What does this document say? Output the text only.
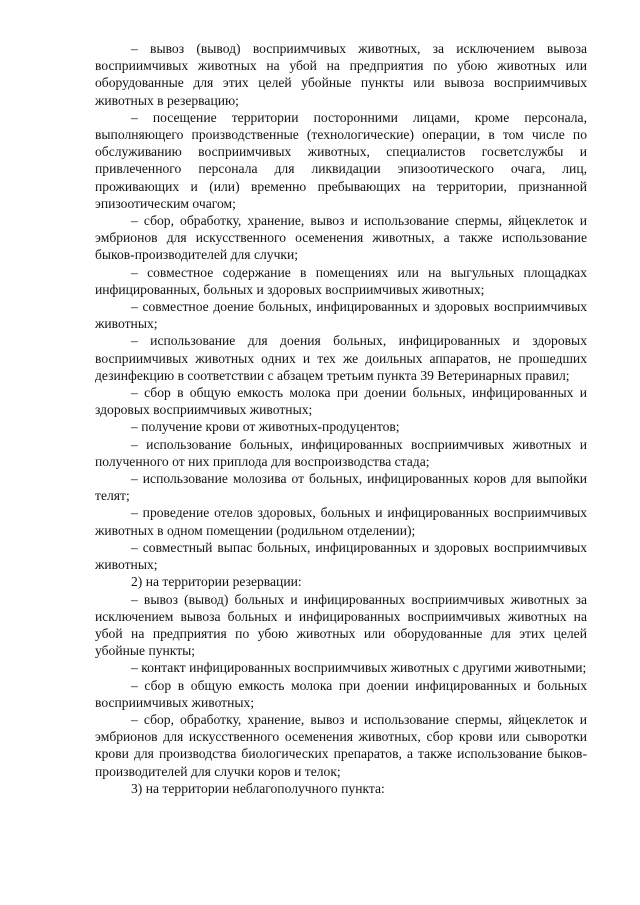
– вывоз (вывод) восприимчивых животных, за исключением вывоза восприимчивых животных на убой на предприятия по убою животных или оборудованные для этих целей убойные пункты или вывоза восприимчивых животных в резервацию;

– посещение территории посторонними лицами, кроме персонала, выполняющего производственные (технологические) операции, в том числе по обслуживанию восприимчивых животных, специалистов госветслужбы и привлеченного персонала для ликвидации эпизоотического очага, лиц, проживающих и (или) временно пребывающих на территории, признанной эпизоотическим очагом;

– сбор, обработку, хранение, вывоз и использование спермы, яйцеклеток и эмбрионов для искусственного осеменения животных, а также использование быков-производителей для случки;

– совместное содержание в помещениях или на выгульных площадках инфицированных, больных и здоровых восприимчивых животных;

– совместное доение больных, инфицированных и здоровых восприимчивых животных;

– использование для доения больных, инфицированных и здоровых восприимчивых животных одних и тех же доильных аппаратов, не прошедших дезинфекцию в соответствии с абзацем третьим пункта 39 Ветеринарных правил;

– сбор в общую емкость молока при доении больных, инфицированных и здоровых восприимчивых животных;

– получение крови от животных-продуцентов;

– использование больных, инфицированных восприимчивых животных и полученного от них приплода для воспроизводства стада;

– использование молозива от больных, инфицированных коров для выпойки телят;

– проведение отелов здоровых, больных и инфицированных восприимчивых животных в одном помещении (родильном отделении);

– совместный выпас больных, инфицированных и здоровых восприимчивых животных;

2) на территории резервации:

– вывоз (вывод) больных и инфицированных восприимчивых животных за исключением вывоза больных и инфицированных восприимчивых животных на убой на предприятия по убою животных или оборудованные для этих целей убойные пункты;

– контакт инфицированных восприимчивых животных с другими животными;

– сбор в общую емкость молока при доении инфицированных и больных восприимчивых животных;

– сбор, обработку, хранение, вывоз и использование спермы, яйцеклеток и эмбрионов для искусственного осеменения животных, сбор крови или сыворотки крови для производства биологических препаратов, а также использование быков-производителей для случки коров и телок;

3) на территории неблагополучного пункта:
